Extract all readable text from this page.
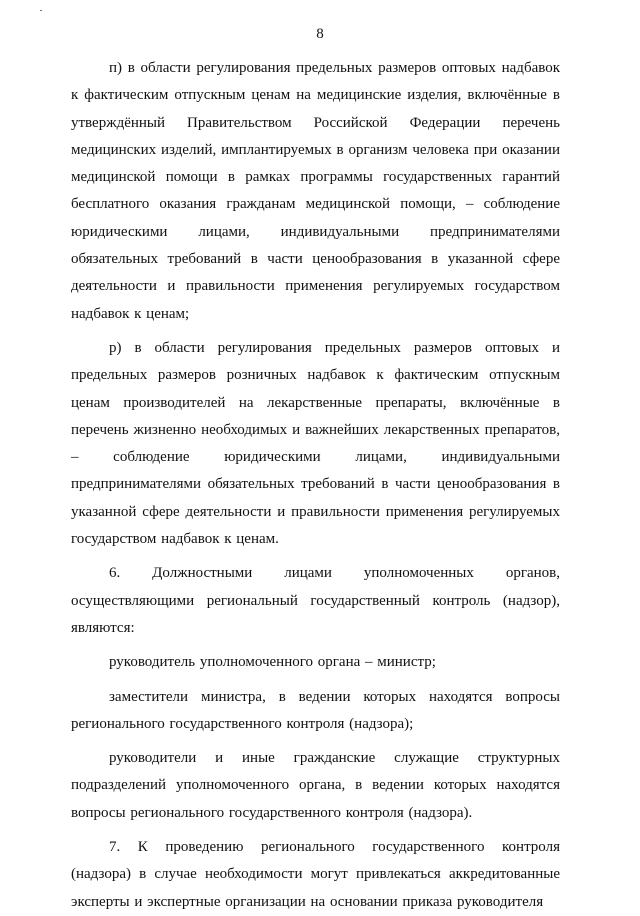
8

п) в области регулирования предельных размеров оптовых надбавок к фактическим отпускным ценам на медицинские изделия, включённые в утверждённый Правительством Российской Федерации перечень медицинских изделий, имплантируемых в организм человека при оказании медицинской помощи в рамках программы государственных гарантий бесплатного оказания гражданам медицинской помощи, – соблюдение юридическими лицами, индивидуальными предпринимателями обязательных требований в части ценообразования в указанной сфере деятельности и правильности применения регулируемых государством надбавок к ценам;

р) в области регулирования предельных размеров оптовых и предельных размеров розничных надбавок к фактическим отпускным ценам производителей на лекарственные препараты, включённые в перечень жизненно необходимых и важнейших лекарственных препаратов, – соблюдение юридическими лицами, индивидуальными предпринимателями обязательных требований в части ценообразования в указанной сфере деятельности и правильности применения регулируемых государством надбавок к ценам.

6. Должностными лицами уполномоченных органов, осуществляющими региональный государственный контроль (надзор), являются:

руководитель уполномоченного органа – министр;

заместители министра, в ведении которых находятся вопросы регионального государственного контроля (надзора);

руководители и иные гражданские служащие структурных подразделений уполномоченного органа, в ведении которых находятся вопросы регионального государственного контроля (надзора).

7. К проведению регионального государственного контроля (надзора) в случае необходимости могут привлекаться аккредитованные эксперты и экспертные организации на основании приказа руководителя
